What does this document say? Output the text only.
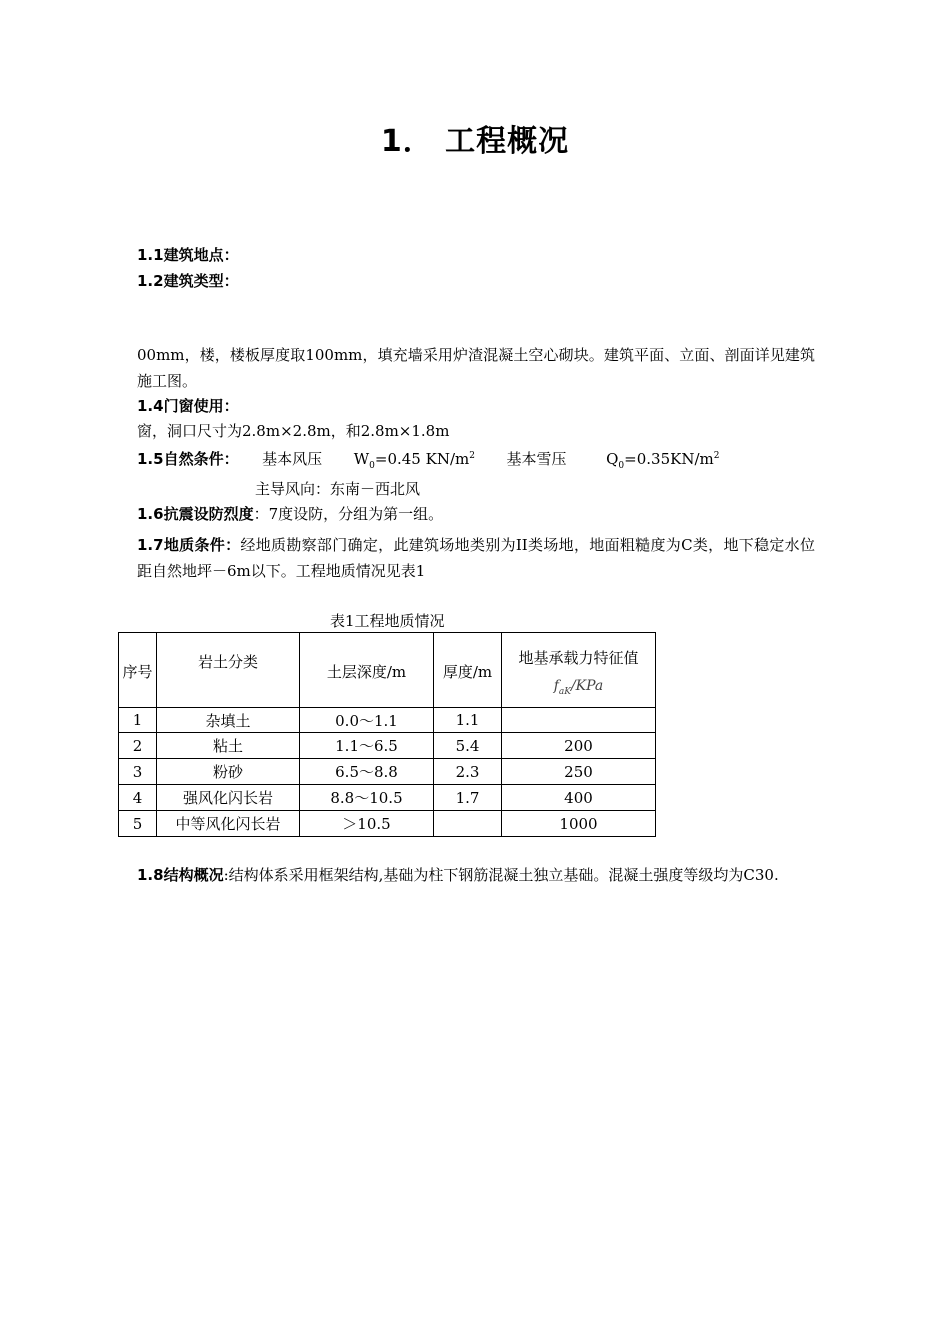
1． 工程概况
1.1建筑地点：
1.2建筑类型：
00mm，楼，楼板厚度取100mm，填充墙采用炉渣混凝土空心砌块。建筑平面、立面、剖面详见建筑施工图。
1.4门窗使用：
窗，洞口尺寸为2.8m×2.8m，和2.8m×1.8m
1.5自然条件： 基本风压 $W_0=0.45$ $KN/m^2$ 基本雪压	$Q_0=0.35KN/m^2$
主导风向：东南－西北风
1.6抗震设防烈度：7度设防，分组为第一组。
1.7地质条件：经地质勘察部门确定，此建筑场地类别为II类场地，地面粗糙度为C类，地下稳定水位距自然地坪－6m以下。工程地质情况见表1
表1工程地质情况
序号	岩土分类	土层深度/m	厚度/m	地基承载力特征值
$f_{aK}$/KPa

1	杂填土	0.0～1.1	1.1	
2	粘土	1.1～6.5	5.4	200
3	粉砂	6.5～8.8	2.3	250
4	强风化闪长岩	8.8～10.5	1.7	400
5	中等风化闪长岩	＞10.5		1000
1.8结构概况:结构体系采用框架结构,基础为柱下钢筋混凝土独立基础。混凝土强度等级均为C30.
